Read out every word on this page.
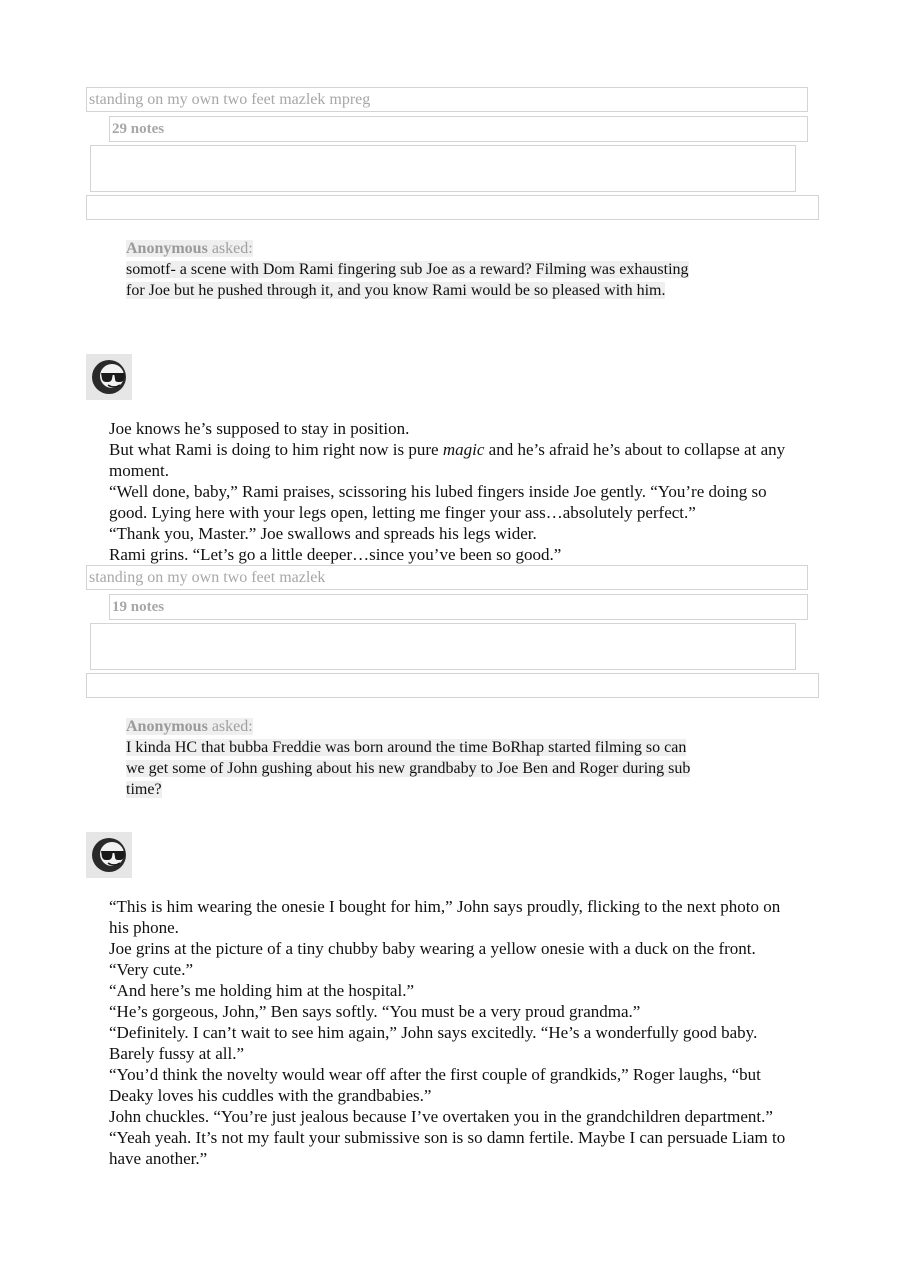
standing on my own two feet mazlek mpreg
29 notes
Anonymous asked:
somotf- a scene with Dom Rami fingering sub Joe as a reward? Filming was exhausting for Joe but he pushed through it, and you know Rami would be so pleased with him.

Joe knows he’s supposed to stay in position.

But what Rami is doing to him right now is pure magic and he’s afraid he’s about to collapse at any moment.

“Well done, baby,” Rami praises, scissoring his lubed fingers inside Joe gently. “You’re doing so good. Lying here with your legs open, letting me finger your ass…absolutely perfect.”

“Thank you, Master.” Joe swallows and spreads his legs wider.

Rami grins. “Let’s go a little deeper…since you’ve been so good.”

standing on my own two feet mazlek
19 notes
Anonymous asked:
I kinda HC that bubba Freddie was born around the time BoRhap started filming so can we get some of John gushing about his new grandbaby to Joe Ben and Roger during sub time?

“This is him wearing the onesie I bought for him,” John says proudly, flicking to the next photo on his phone.

Joe grins at the picture of a tiny chubby baby wearing a yellow onesie with a duck on the front. “Very cute.”

“And here’s me holding him at the hospital.”

“He’s gorgeous, John,” Ben says softly. “You must be a very proud grandma.”

“Definitely. I can’t wait to see him again,” John says excitedly. “He’s a wonderfully good baby. Barely fussy at all.”

“You’d think the novelty would wear off after the first couple of grandkids,” Roger laughs, “but Deaky loves his cuddles with the grandbabies.”

John chuckles. “You’re just jealous because I’ve overtaken you in the grandchildren department.”

“Yeah yeah. It’s not my fault your submissive son is so damn fertile. Maybe I can persuade Liam to have another.”
